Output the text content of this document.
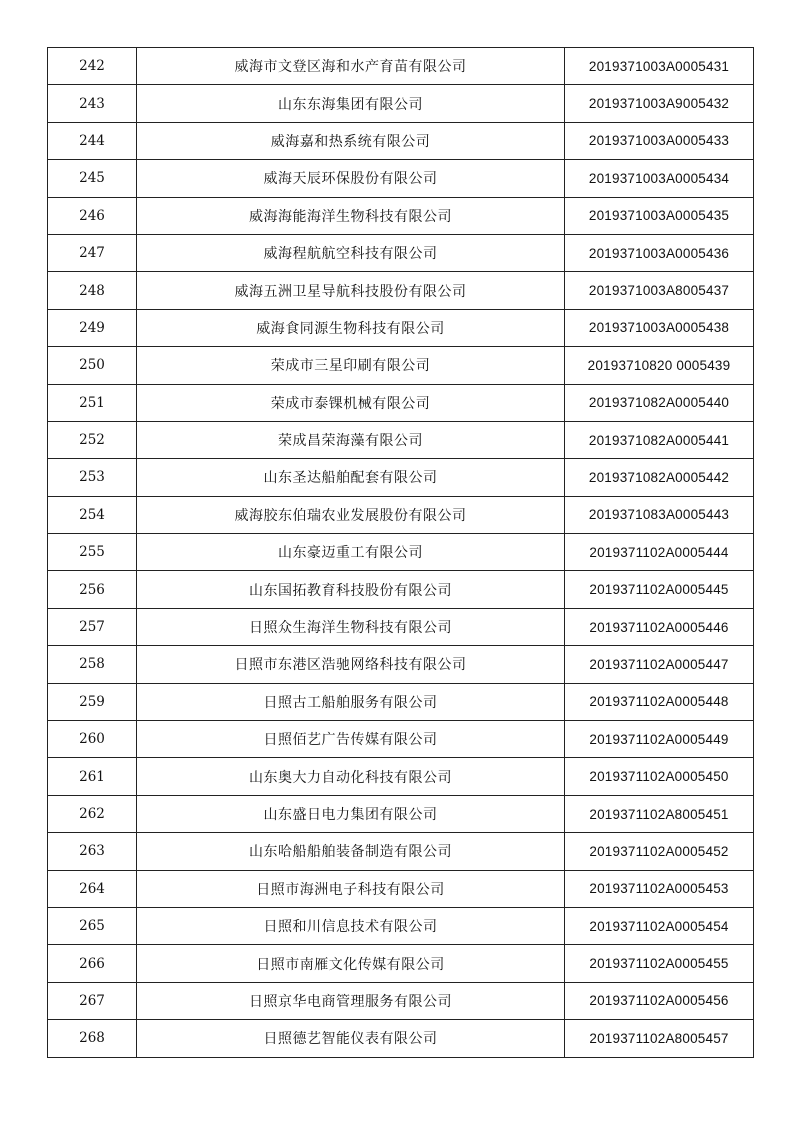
242	威海市文登区海和水产育苗有限公司	2019371003A0005431
243	山东东海集团有限公司	2019371003A9005432
244	威海嘉和热系统有限公司	2019371003A0005433
245	威海天辰环保股份有限公司	2019371003A0005434
246	威海海能海洋生物科技有限公司	2019371003A0005435
247	威海程航航空科技有限公司	2019371003A0005436
248	威海五洲卫星导航科技股份有限公司	2019371003A8005437
249	威海食同源生物科技有限公司	2019371003A0005438
250	荣成市三星印刷有限公司	20193710820 0005439
251	荣成市泰锞机械有限公司	2019371082A0005440
252	荣成昌荣海藻有限公司	2019371082A0005441
253	山东圣达船舶配套有限公司	2019371082A0005442
254	威海胶东伯瑞农业发展股份有限公司	2019371083A0005443
255	山东豪迈重工有限公司	2019371102A0005444
256	山东国拓教育科技股份有限公司	2019371102A0005445
257	日照众生海洋生物科技有限公司	2019371102A0005446
258	日照市东港区浩驰网络科技有限公司	2019371102A0005447
259	日照古工船舶服务有限公司	2019371102A0005448
260	日照佰艺广告传媒有限公司	2019371102A0005449
261	山东奥大力自动化科技有限公司	2019371102A0005450
262	山东盛日电力集团有限公司	2019371102A8005451
263	山东哈船船舶装备制造有限公司	2019371102A0005452
264	日照市海洲电子科技有限公司	2019371102A0005453
265	日照和川信息技术有限公司	2019371102A0005454
266	日照市南雁文化传媒有限公司	2019371102A0005455
267	日照京华电商管理服务有限公司	2019371102A0005456
268	日照德艺智能仪表有限公司	2019371102A8005457
